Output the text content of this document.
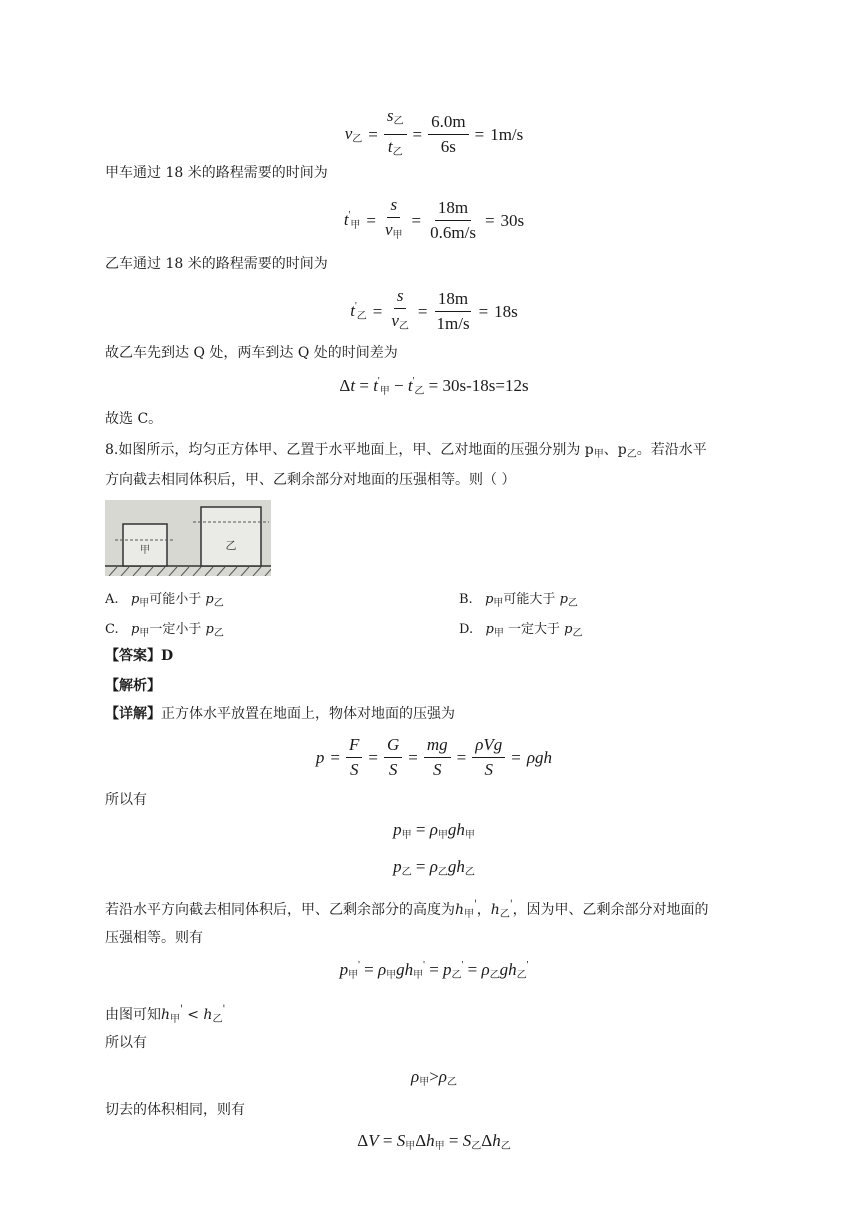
$v_乙 = \frac{s_乙}{t_乙} = \frac{6.0m}{6s} = 1m/s$
甲车通过 18 米的路程需要的时间为
$t'_甲 = \frac{s}{v_甲} = \frac{18m}{0.6m/s} = 30s$
乙车通过 18 米的路程需要的时间为
$t'_乙 = \frac{s}{v_乙} = \frac{18m}{1m/s} = 18s$
故乙车先到达 Q 处，两车到达 Q 处的时间差为
$\Delta t = t'_甲 - t'_乙 = 30s-18s=12s$
故选 C。
8.如图所示，均匀正方体甲、乙置于水平地面上，甲、乙对地面的压强分别为 $p_甲$、$p_乙$。若沿水平
方向截去相同体积后，甲、乙剩余部分对地面的压强相等。则（ ）
甲	乙
A. $p_甲$可能小于 $p_乙$	B. $p_甲$可能大于 $p_乙$
C. $p_甲$一定小于 $p_乙$	D. $p_甲$ 一定大于 $p_乙$
【答案】D
【解析】
【详解】正方体水平放置在地面上，物体对地面的压强为
$p = \frac{F}{S} = \frac{G}{S} = \frac{mg}{S} = \frac{\text{ρVg}}{S} = \rho gh$
所以有
$p_甲 = \rho_甲gh_甲$
$p_乙 = \rho_乙gh_乙$
若沿水平方向截去相同体积后，甲、乙剩余部分的高度为$h_甲'$，$h_乙'$，因为甲、乙剩余部分对地面的
压强相等。则有
$p_甲' = \rho_甲gh_甲' = p_乙' = \rho_乙gh_乙'$
由图可知$h_甲' < h_乙'$
所以有
$\rho_甲>\rho_乙$
切去的体积相同，则有
$\Delta V = S_甲\Delta h_甲 = S_乙\Delta h_乙$
